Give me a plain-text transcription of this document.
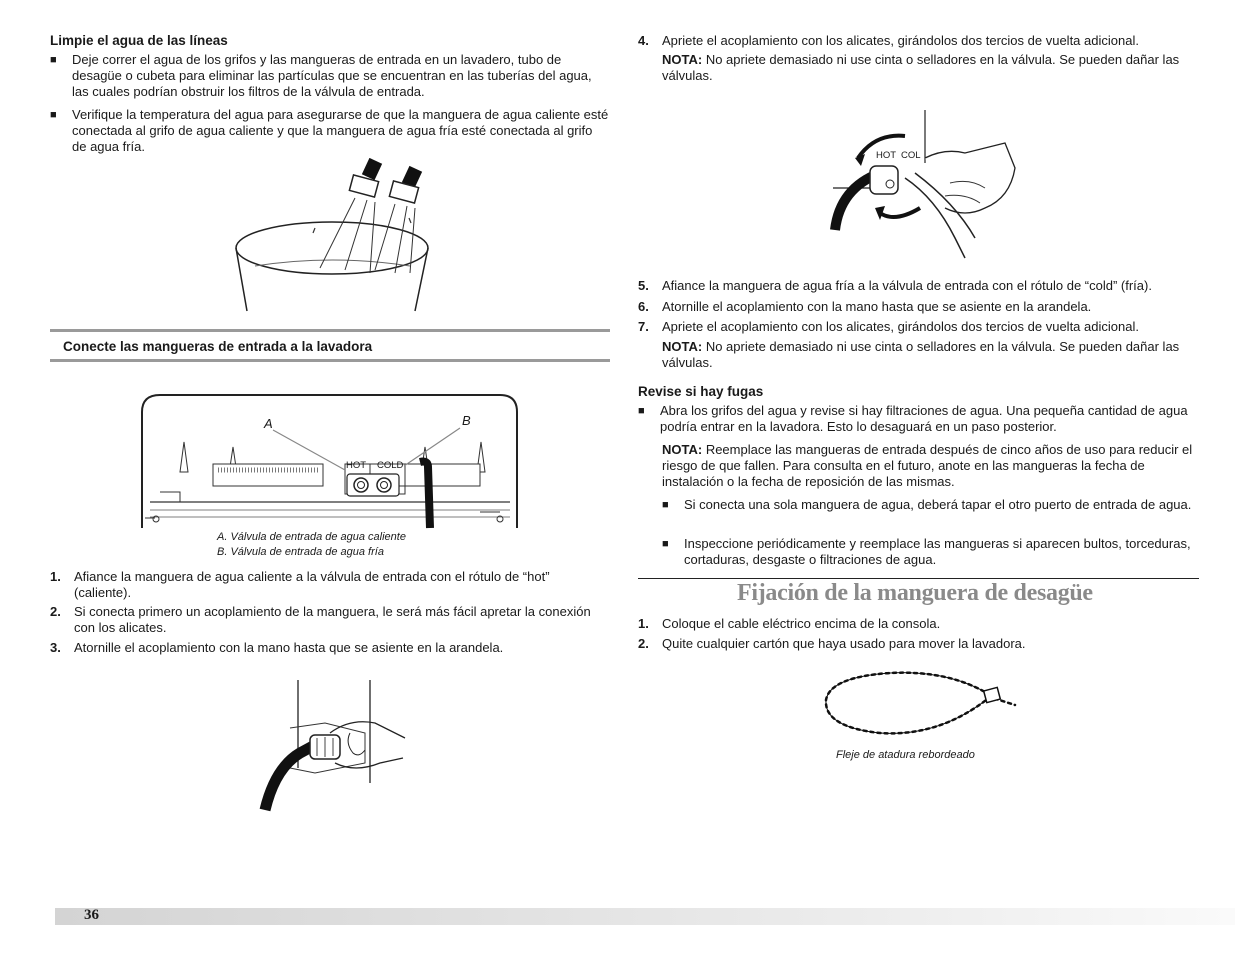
Limpie el agua de las líneas
■	Deje correr el agua de los grifos y las mangueras de entrada en un lavadero, tubo de desagüe o cubeta para eliminar las partículas que se encuentran en las tuberías del agua, las cuales podrían obstruir los filtros de la válvula de entrada.
■	Verifique la temperatura del agua para asegurarse de que la manguera de agua caliente esté conectada al grifo de agua caliente y que la manguera de agua fría esté conectada al grifo de agua fría.
Conecte las mangueras de entrada a la lavadora
A	B
HOT COLD
A. Válvula de entrada de agua caliente
B. Válvula de entrada de agua fría
1.	Afiance la manguera de agua caliente a la válvula de entrada con el rótulo de “hot” (caliente).
2.	Si conecta primero un acoplamiento de la manguera, le será más fácil apretar la conexión con los alicates.
3.	Atornille el acoplamiento con la mano hasta que se asiente en la arandela.
4.	Apriete el acoplamiento con los alicates, girándolos dos tercios de vuelta adicional.
NOTA: No apriete demasiado ni use cinta o selladores en la válvula. Se pueden dañar las válvulas.
HOT COL
5.	Afiance la manguera de agua fría a la válvula de entrada con el rótulo de “cold” (fría).
6.	Atornille el acoplamiento con la mano hasta que se asiente en la arandela.
7.	Apriete el acoplamiento con los alicates, girándolos dos tercios de vuelta adicional.
NOTA: No apriete demasiado ni use cinta o selladores en la válvula. Se pueden dañar las válvulas.
Revise si hay fugas
■	Abra los grifos del agua y revise si hay filtraciones de agua. Una pequeña cantidad de agua podría entrar en la lavadora. Esto lo desaguará en un paso posterior.
NOTA: Reemplace las mangueras de entrada después de cinco años de uso para reducir el riesgo de que fallen. Para consulta en el futuro, anote en las mangueras la fecha de instalación o la fecha de reposición de las mismas.
■	Si conecta una sola manguera de agua, deberá tapar el otro puerto de entrada de agua.
■	Inspeccione periódicamente y reemplace las mangueras si aparecen bultos, torceduras, cortaduras, desgaste o filtraciones de agua.
Fijación de la manguera de desagüe
1.	Coloque el cable eléctrico encima de la consola.
2.	Quite cualquier cartón que haya usado para mover la lavadora.
Fleje de atadura rebordeado
36
